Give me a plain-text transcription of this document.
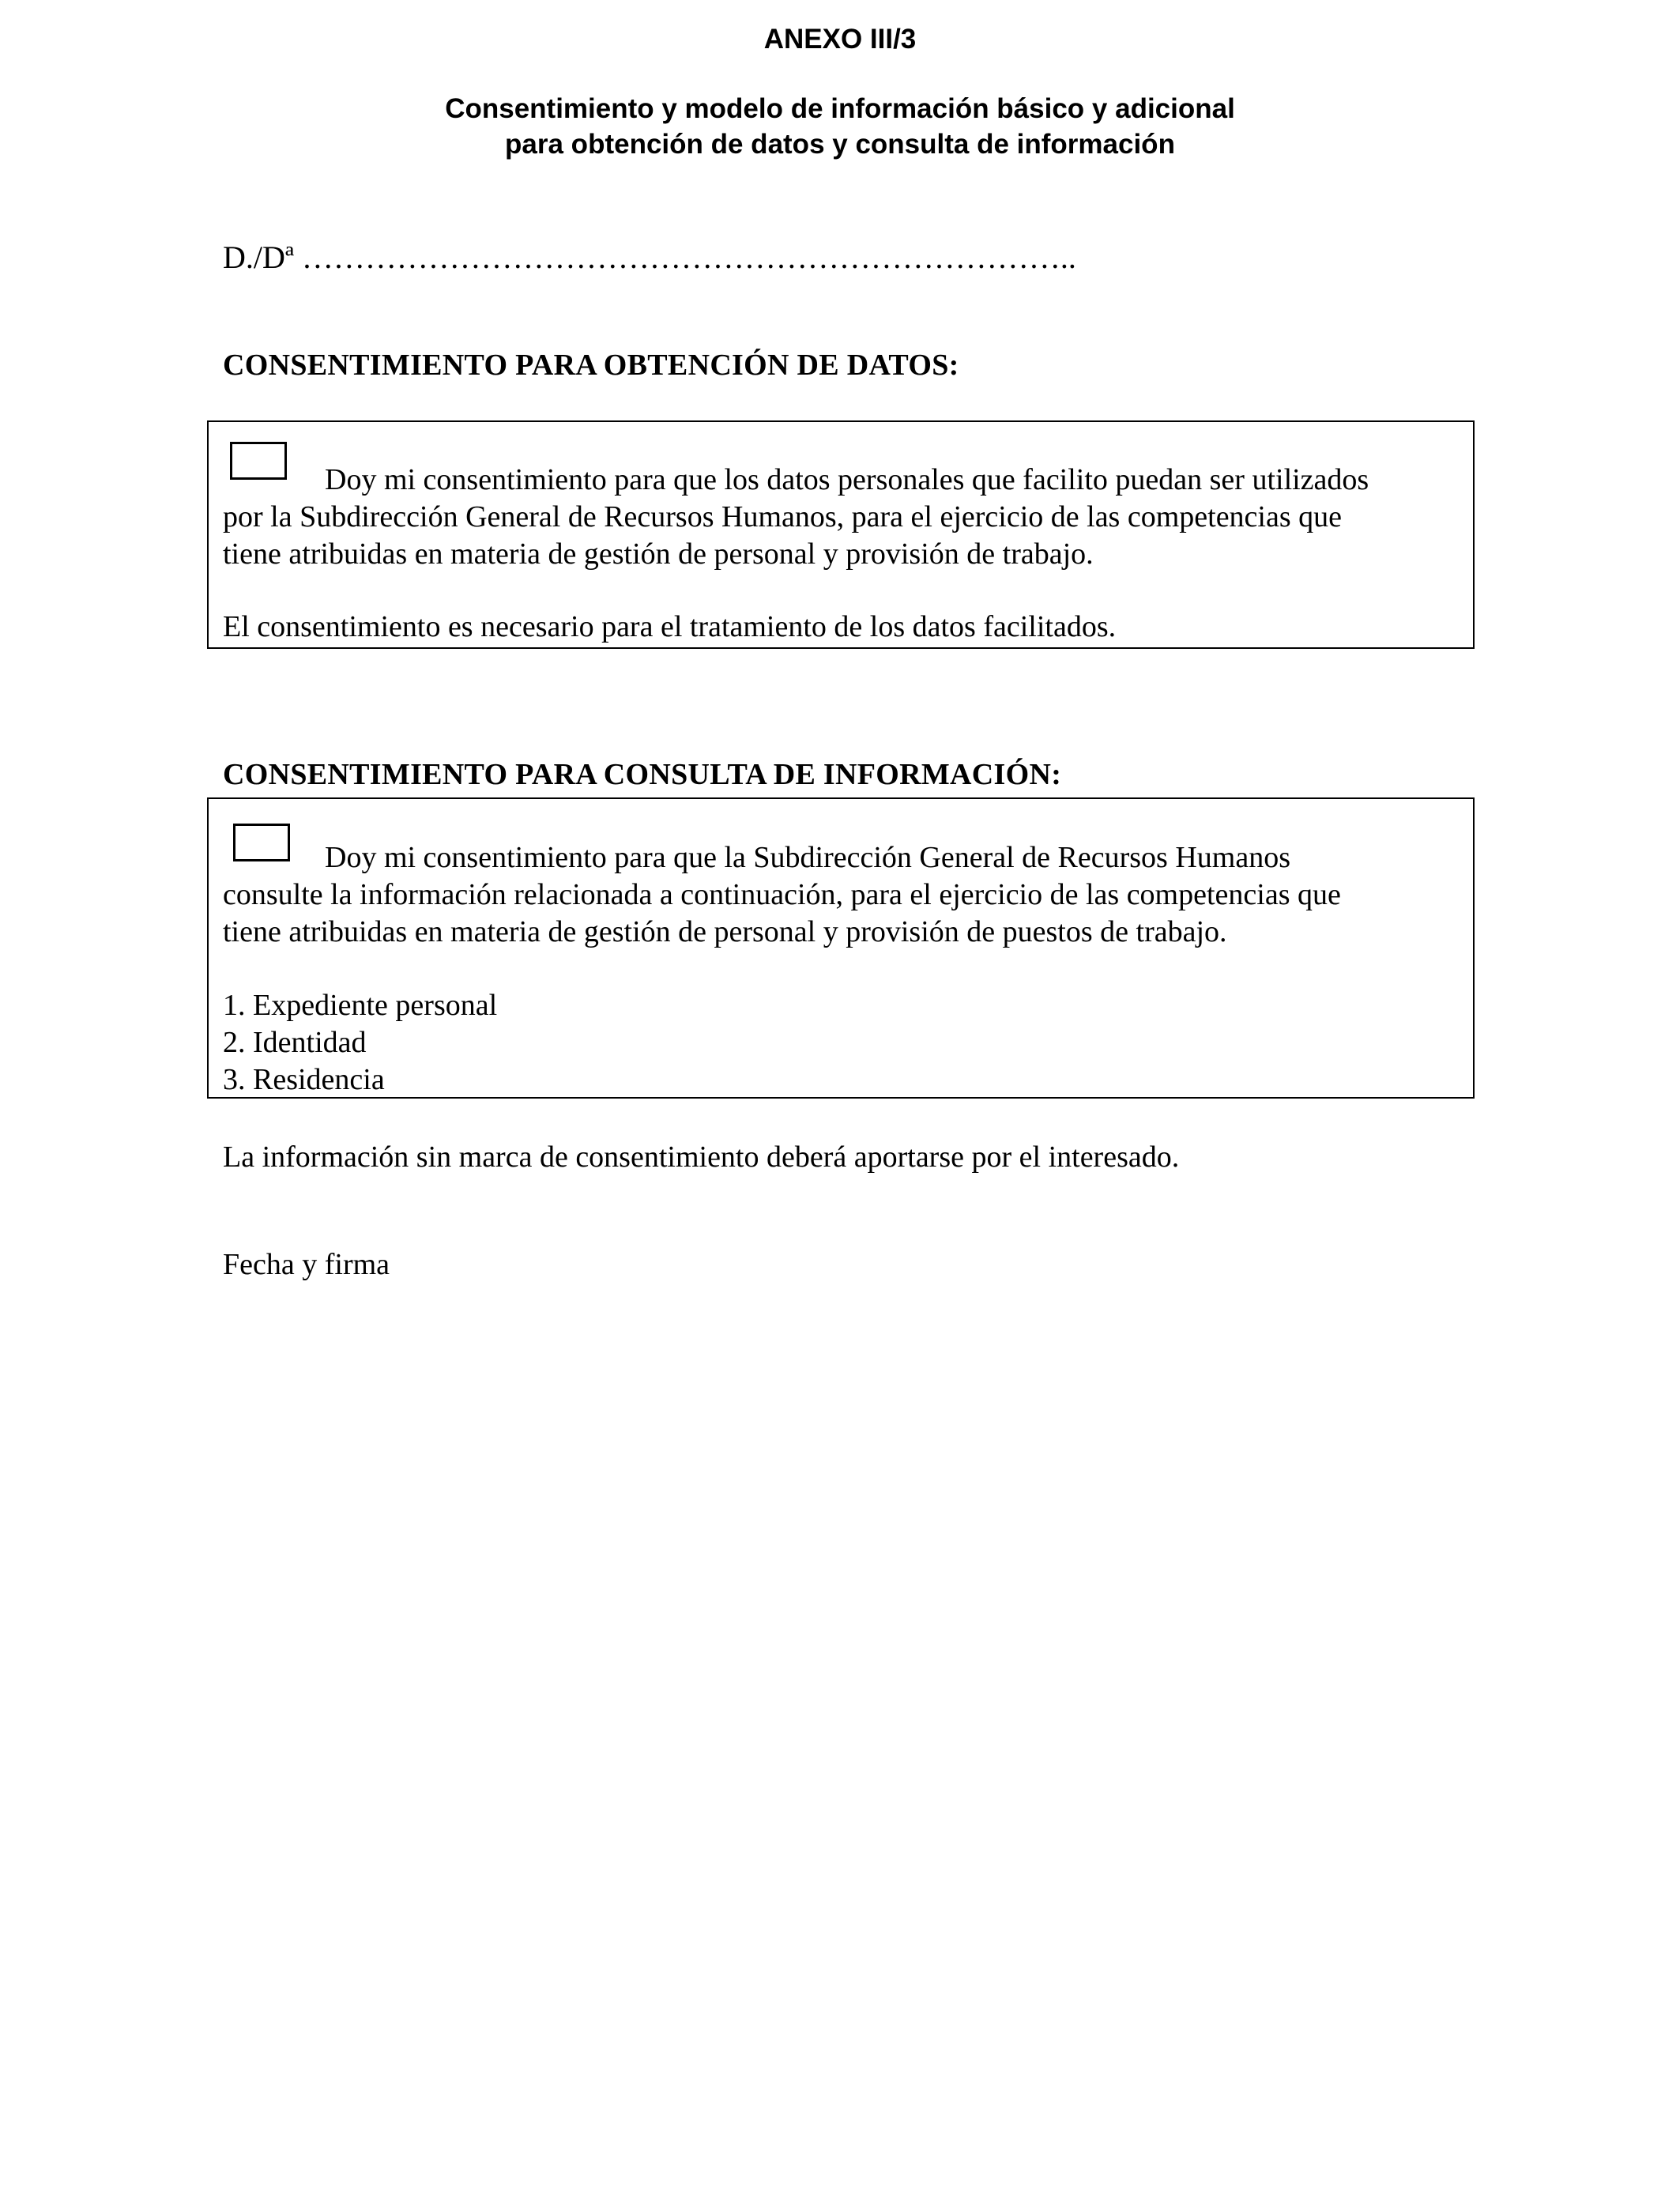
ANEXO III/3
Consentimiento y modelo de información básico y adicional
para obtención de datos y consulta de información
D./Dª ………………………………………………………………..
CONSENTIMIENTO PARA OBTENCIÓN DE DATOS:
Doy mi consentimiento para que los datos personales que facilito puedan ser utilizados
por la Subdirección General de Recursos Humanos, para el ejercicio de las competencias que
tiene atribuidas en materia de gestión de personal y provisión de trabajo.
El consentimiento es necesario para el tratamiento de los datos facilitados.
CONSENTIMIENTO PARA CONSULTA DE INFORMACIÓN:
Doy mi consentimiento para que la Subdirección General de Recursos Humanos
consulte la información relacionada a continuación, para el ejercicio de las competencias que
tiene atribuidas en materia de gestión de personal y provisión de puestos de trabajo.
1. Expediente personal
2. Identidad
3. Residencia
La información sin marca de consentimiento deberá aportarse por el interesado.
Fecha y firma
